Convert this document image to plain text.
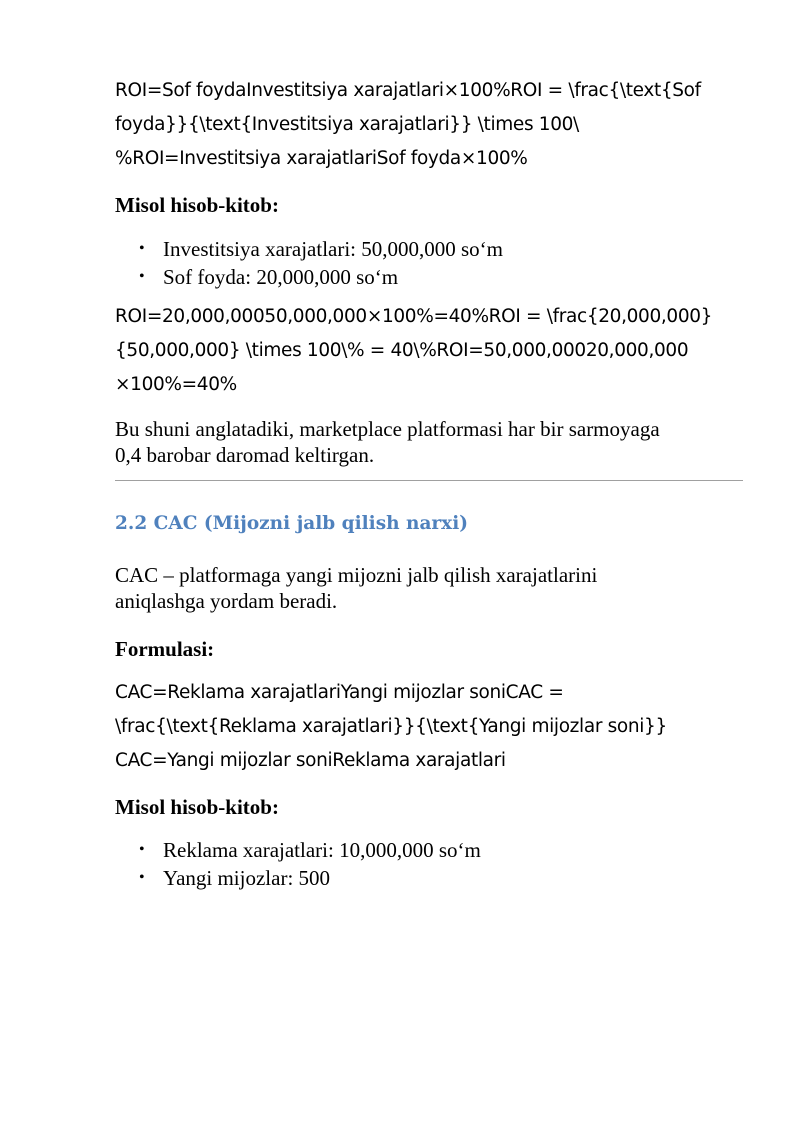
ROI=Sof foydaInvestitsiya xarajatlari×100%ROI = \frac{\text{Sof

foyda}}{\text{Investitsiya xarajatlari}} \times 100\

%ROI=Investitsiya xarajatlariSof foyda×100%

Misol hisob-kitob:
• Investitsiya xarajatlari: 50,000,000 so‘m
• Sof foyda: 20,000,000 so‘m

ROI=20,000,00050,000,000×100%=40%ROI = \frac{20,000,000}

{50,000,000} \times 100\% = 40\%ROI=50,000,00020,000,000

×100%=40%

Bu shuni anglatadiki, marketplace platformasi har bir sarmoyaga

0,4 barobar daromad keltirgan.

2.2 CAC (Mijozni jalb qilish narxi)

CAC – platformaga yangi mijozni jalb qilish xarajatlarini

aniqlashga yordam beradi.

Formulasi:

CAC=Reklama xarajatlariYangi mijozlar soniCAC =

\frac{\text{Reklama xarajatlari}}{\text{Yangi mijozlar soni}}

CAC=Yangi mijozlar soniReklama xarajatlari

Misol hisob-kitob:
• Reklama xarajatlari: 10,000,000 so‘m
• Yangi mijozlar: 500
